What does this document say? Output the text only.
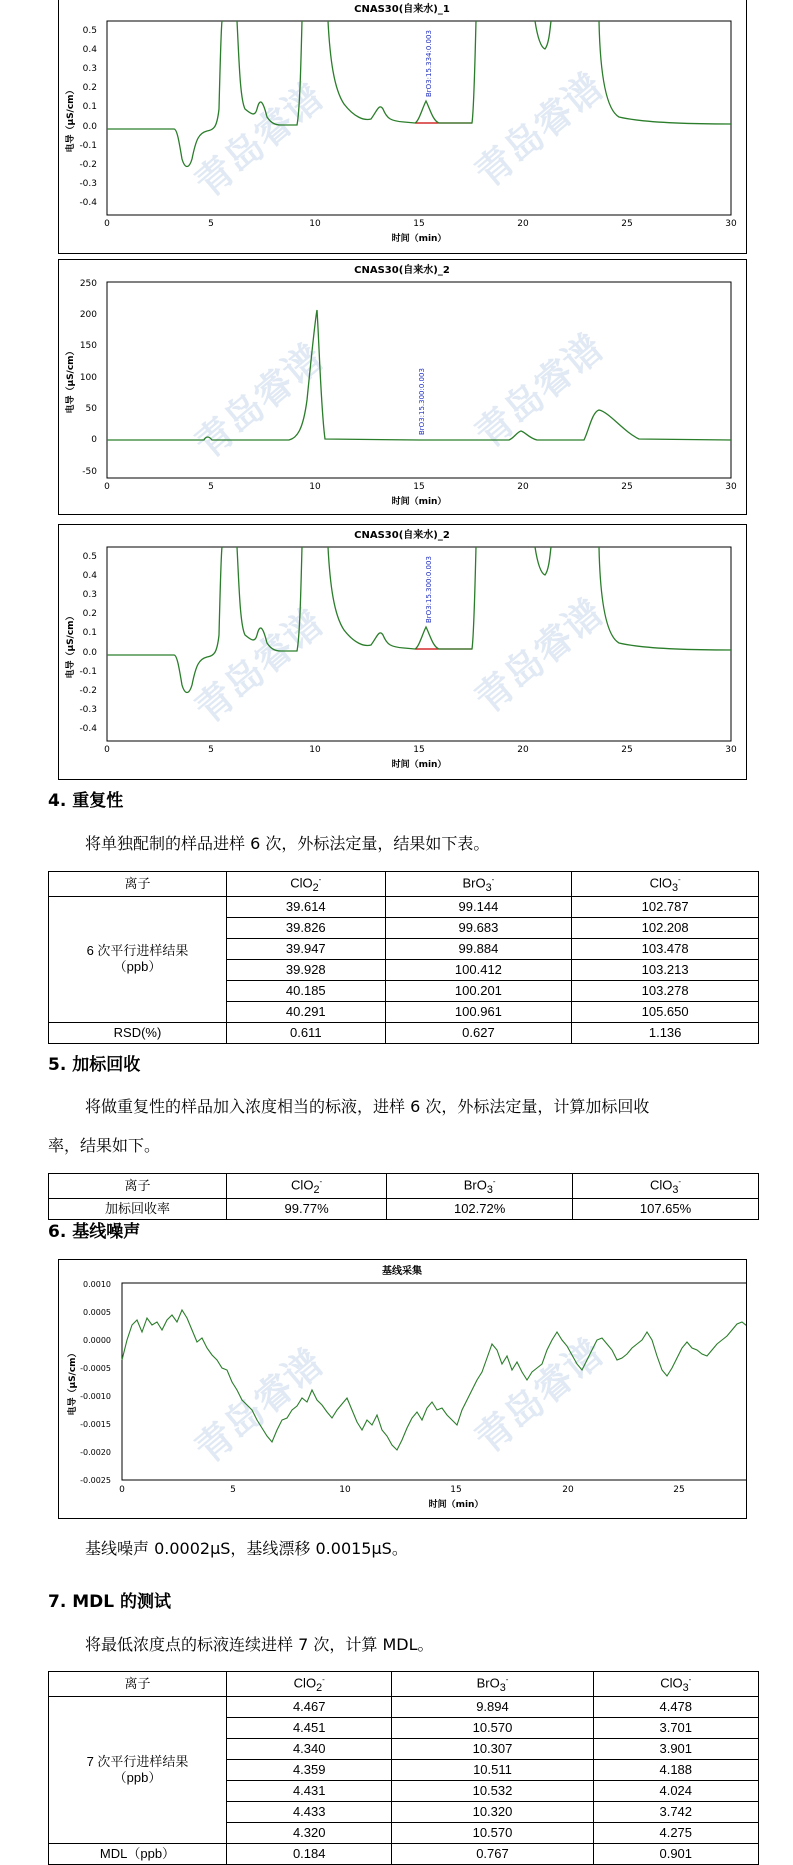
青岛睿谱	青岛睿谱
CNAS30(自来水)_1
0.5
0.4
0.3
0.2
0.1
0.0
-0.1
-0.2
-0.3
-0.4
0	5	10	15	20	25	30
时间（min）
电导（µS/cm）
BrO3:15.334:0.003
青岛睿谱	青岛睿谱
CNAS30(自来水)_2
250
200
150
100
50
0
-50
0	5	10	15	20	25	30
时间（min）
电导（µS/cm）	BrO3:15.300:0.003
青岛睿谱	青岛睿谱
CNAS30(自来水)_2
0.5
0.4
0.3
0.2
0.1
0.0
-0.1
-0.2
-0.3
-0.4
0	5	10	15	20	25	30
时间（min）
电导（µS/cm）
BrO3:15.300:0.003
4. 重复性
将单独配制的样品进样 6 次，外标法定量，结果如下表。
离子	ClO$_2$-	BrO$_3$-	ClO$_3$-
6 次平行进样结果
（ppb）	39.614	99.144	102.787
	39.826	99.683	102.208
	39.947	99.884	103.478
	39.928	100.412	103.213
	40.185	100.201	103.278
	40.291	100.961	105.650
RSD(%)	0.611	0.627	1.136
5. 加标回收
将做重复性的样品加入浓度相当的标液，进样 6 次，外标法定量，计算加标回收
率，结果如下。
离子	ClO$_2$-	BrO$_3$-	ClO$_3$-
加标回收率	99.77%	102.72%	107.65%
6. 基线噪声
青岛睿谱	青岛睿谱
基线采集
0.0010
0.0005
0.0000
-0.0005
-0.0010
-0.0015
-0.0020
-0.0025
0	5	10	15	20	25
时间（min）
电导（µS/cm）
基线噪声 0.0002µS，基线漂移 0.0015µS。
7. MDL 的测试
将最低浓度点的标液连续进样 7 次，计算 MDL。
离子	ClO$_2$-	BrO$_3$-	ClO$_3$-
7 次平行进样结果
（ppb）	4.467	9.894	4.478
	4.451	10.570	3.701
	4.340	10.307	3.901
	4.359	10.511	4.188
	4.431	10.532	4.024
	4.433	10.320	3.742
	4.320	10.570	4.275
MDL（ppb）	0.184	0.767	0.901
